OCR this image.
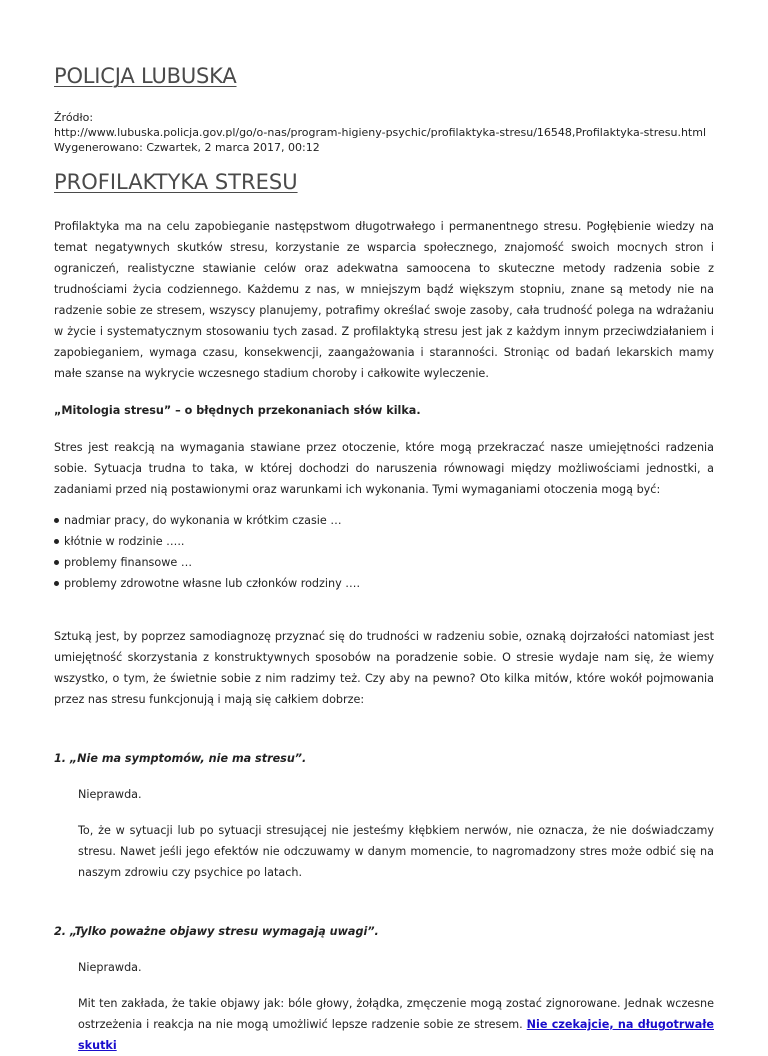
POLICJA LUBUSKA
Źródło:
http://www.lubuska.policja.gov.pl/go/o-nas/program-higieny-psychic/profilaktyka-stresu/16548,Profilaktyka-stresu.html
Wygenerowano: Czwartek, 2 marca 2017, 00:12
PROFILAKTYKA STRESU

Profilaktyka ma na celu zapobieganie następstwom długotrwałego i permanentnego stresu. Pogłębienie wiedzy na temat negatywnych skutków stresu, korzystanie ze wsparcia społecznego, znajomość swoich mocnych stron i ograniczeń, realistyczne stawianie celów oraz adekwatna samoocena to skuteczne metody radzenia sobie z trudnościami życia codziennego. Każdemu z nas, w mniejszym bądź większym stopniu, znane są metody nie na radzenie sobie ze stresem, wszyscy planujemy, potrafimy określać swoje zasoby, cała trudność polega na wdrażaniu w życie i systematycznym stosowaniu tych zasad. Z profilaktyką stresu jest jak z każdym innym przeciwdziałaniem i zapobieganiem, wymaga czasu, konsekwencji, zaangażowania i staranności. Stroniąc od badań lekarskich mamy małe szanse na wykrycie wczesnego stadium choroby i całkowite wyleczenie.

„Mitologia stresu” – o błędnych przekonaniach słów kilka.

Stres jest reakcją na wymagania stawiane przez otoczenie, które mogą przekraczać nasze umiejętności radzenia sobie. Sytuacja trudna to taka, w której dochodzi do naruszenia równowagi między możliwościami jednostki, a zadaniami przed nią postawionymi oraz warunkami ich wykonania. Tymi wymaganiami otoczenia mogą być:

nadmiar pracy, do wykonania w krótkim czasie …
kłótnie w rodzinie …..
problemy finansowe …
problemy zdrowotne własne lub członków rodziny ….

Sztuką jest, by poprzez samodiagnozę przyznać się do trudności w radzeniu sobie, oznaką dojrzałości natomiast jest umiejętność skorzystania z konstruktywnych sposobów na poradzenie sobie. O stresie wydaje nam się, że wiemy wszystko, o tym, że świetnie sobie z nim radzimy też. Czy aby na pewno? Oto kilka mitów, które wokół pojmowania przez nas stresu funkcjonują i mają się całkiem dobrze:

1. „Nie ma symptomów, nie ma stresu”.

Nieprawda.

To, że w sytuacji lub po sytuacji stresującej nie jesteśmy kłębkiem nerwów, nie oznacza, że nie doświadczamy stresu. Nawet jeśli jego efektów nie odczuwamy w danym momencie, to nagromadzony stres może odbić się na naszym zdrowiu czy psychice po latach.

2. „Tylko poważne objawy stresu wymagają uwagi”.

Nieprawda.

Mit ten zakłada, że takie objawy jak: bóle głowy, żołądka, zmęczenie mogą zostać zignorowane. Jednak wczesne ostrzeżenia i reakcja na nie mogą umożliwić lepsze radzenie sobie ze stresem. Nie czekajcie, na długotrwałe skutki
